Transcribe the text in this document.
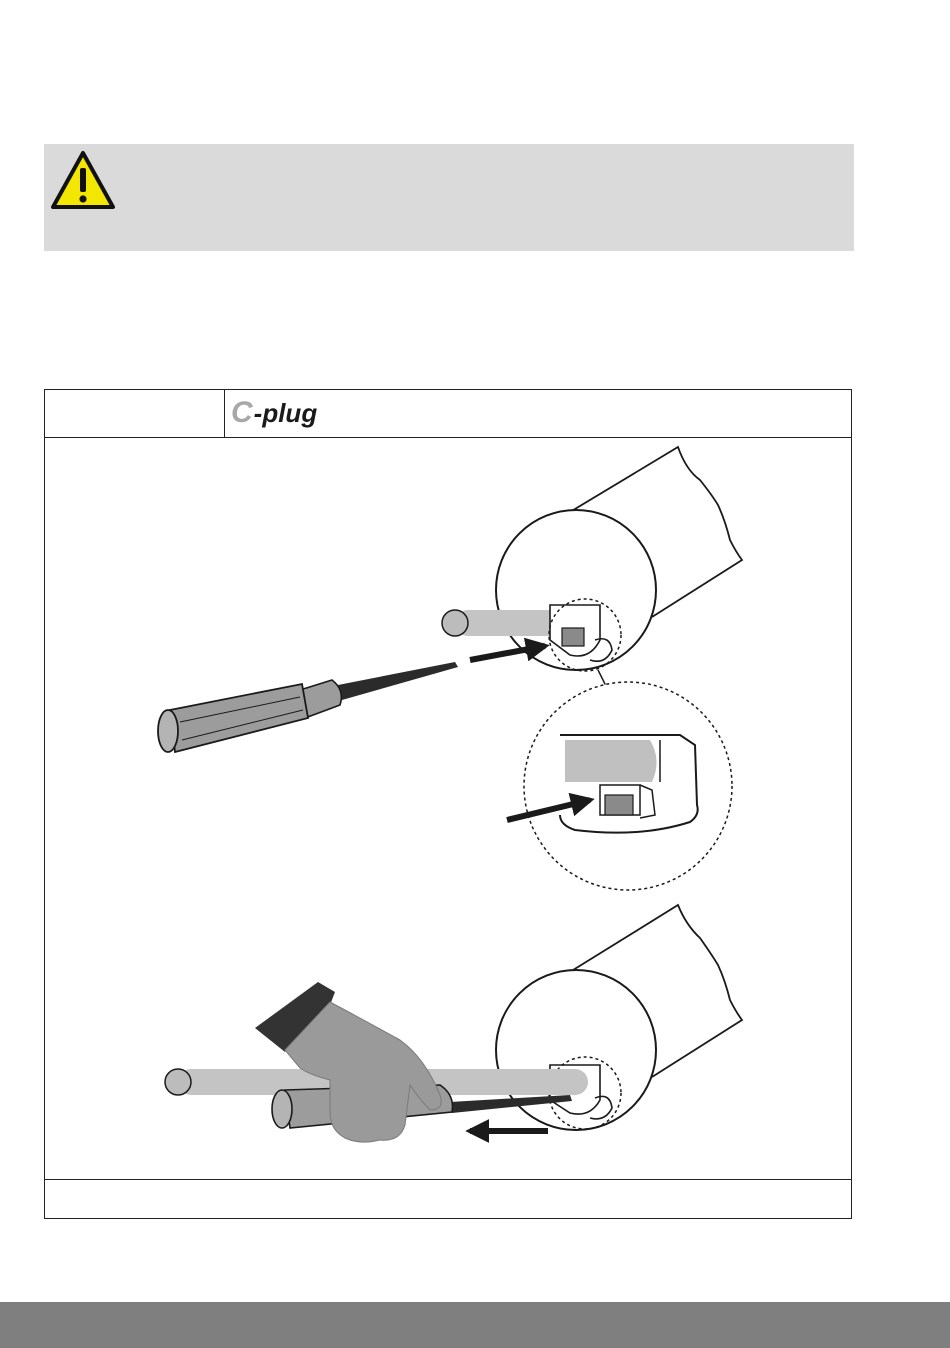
C -plug
